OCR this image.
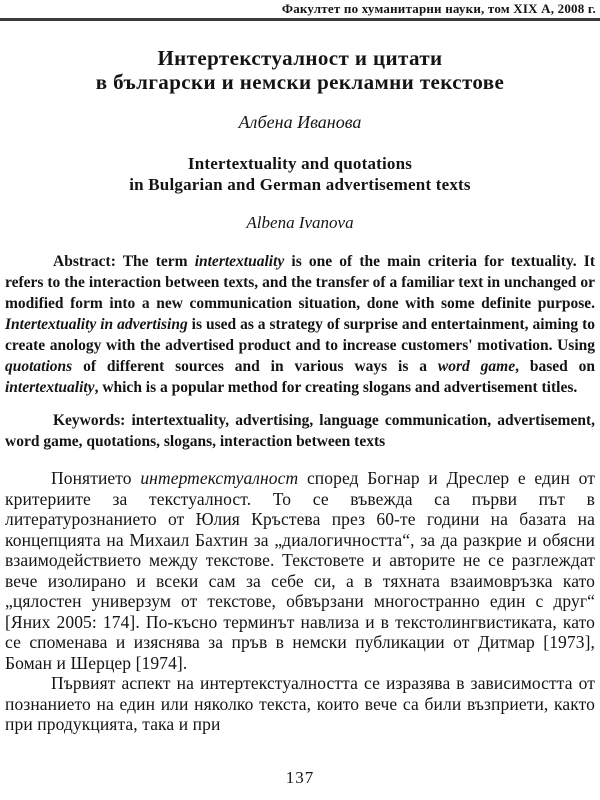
Факултет по хуманитарни науки, том XIX А, 2008 г.
Интертекстуалност и цитати
в български и немски рекламни текстове
Албена Иванова
Intertextuality and quotations
in Bulgarian and German advertisement texts
Albena Ivanova

Abstract: The term intertextuality is one of the main criteria for textuality. It refers to the interaction between texts, and the transfer of a familiar text in unchanged or modified form into a new communication situation, done with some definite purpose. Intertextuality in advertising is used as a strategy of surprise and entertainment, aiming to create anology with the advertised product and to increase customers' motivation. Using quotations of different sources and in various ways is a word game, based on intertextuality, which is a popular method for creating slogans and advertisement titles.

Keywords: intertextuality, advertising, language communication, advertisement, word game, quotations, slogans, interaction between texts

Понятието интертекстуалност според Богнар и Дреслер е един от критериите за текстуалност. То се въвежда са първи път в литературознанието от Юлия Кръстева през 60-те години на базата на концепцията на Михаил Бахтин за „диалогичността“, за да разкрие и обясни взаимодействието между текстове. Текстовете и авторите не се разглеждат вече изолирано и всеки сам за себе си, а в тяхната взаимовръзка като „цялостен универзум от текстове, обвързани многостранно един с друг“ [Яних 2005: 174]. По-късно терминът навлиза и в текстолингвистиката, като се споменава и изяснява за пръв в немски публикации от Дитмар [1973], Боман и Шерцер [1974].

Първият аспект на интертекстуалността се изразява в зависимостта от познанието на един или няколко текста, които вече са били възприети, както при продукцията, така и при

137
